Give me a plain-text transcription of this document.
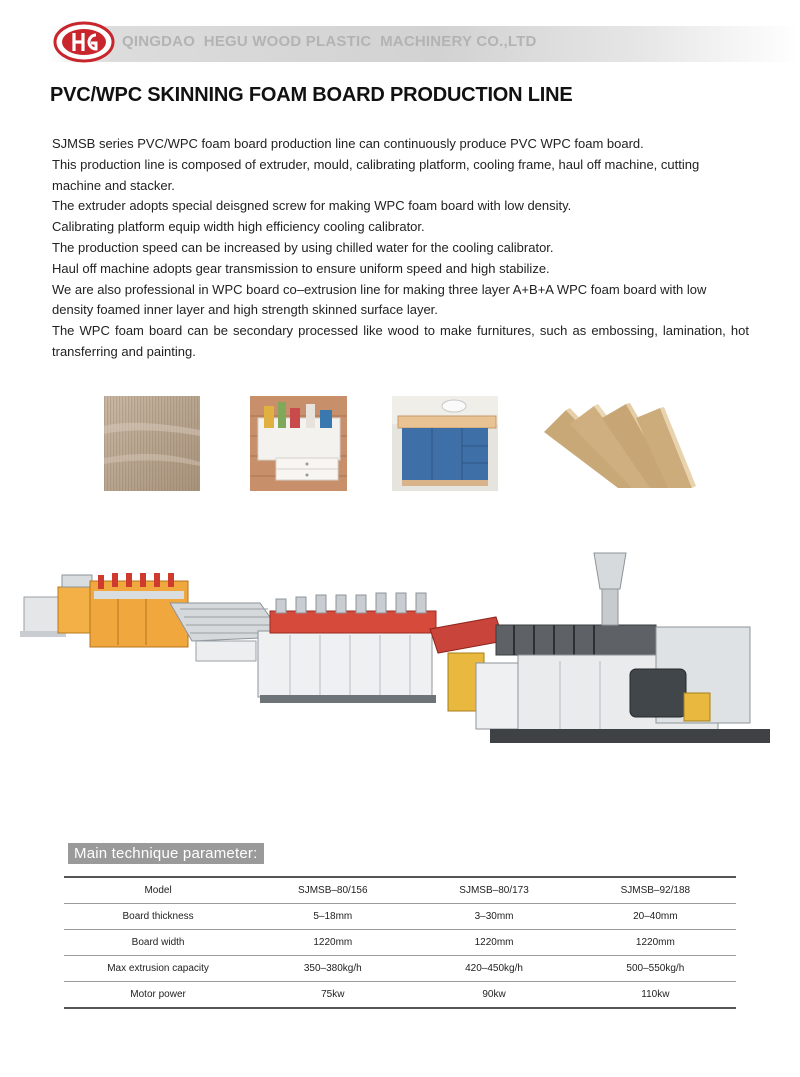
QINGDAO  HEGU WOOD PLASTIC  MACHINERY CO.,LTD
PVC/WPC SKINNING FOAM BOARD PRODUCTION LINE

SJMSB series PVC/WPC foam board production line can continuously produce PVC WPC foam board.

This production line is composed of extruder, mould, calibrating platform, cooling frame, haul off machine, cutting machine and stacker.

The extruder adopts special deisgned screw for making WPC foam board with low density.

Calibrating platform equip width high efficiency cooling calibrator.

The production speed can be increased by using chilled water for the cooling calibrator.

Haul off machine adopts gear transmission to ensure uniform speed and high stabilize.

We are also professional in WPC board co–extrusion line for making three layer A+B+A WPC foam board with low density foamed inner layer and high strength skinned surface layer.

The WPC foam board can be secondary processed like wood to make furnitures, such as embossing, lamination, hot transferring and painting.

Main technique parameter:
Model	SJMSB–80/156	SJMSB–80/173	SJMSB–92/188
Board thickness	5–18mm	3–30mm	20–40mm
Board width	1220mm	1220mm	1220mm
Max extrusion capacity	350–380kg/h	420–450kg/h	500–550kg/h
Motor power	75kw	90kw	110kw
